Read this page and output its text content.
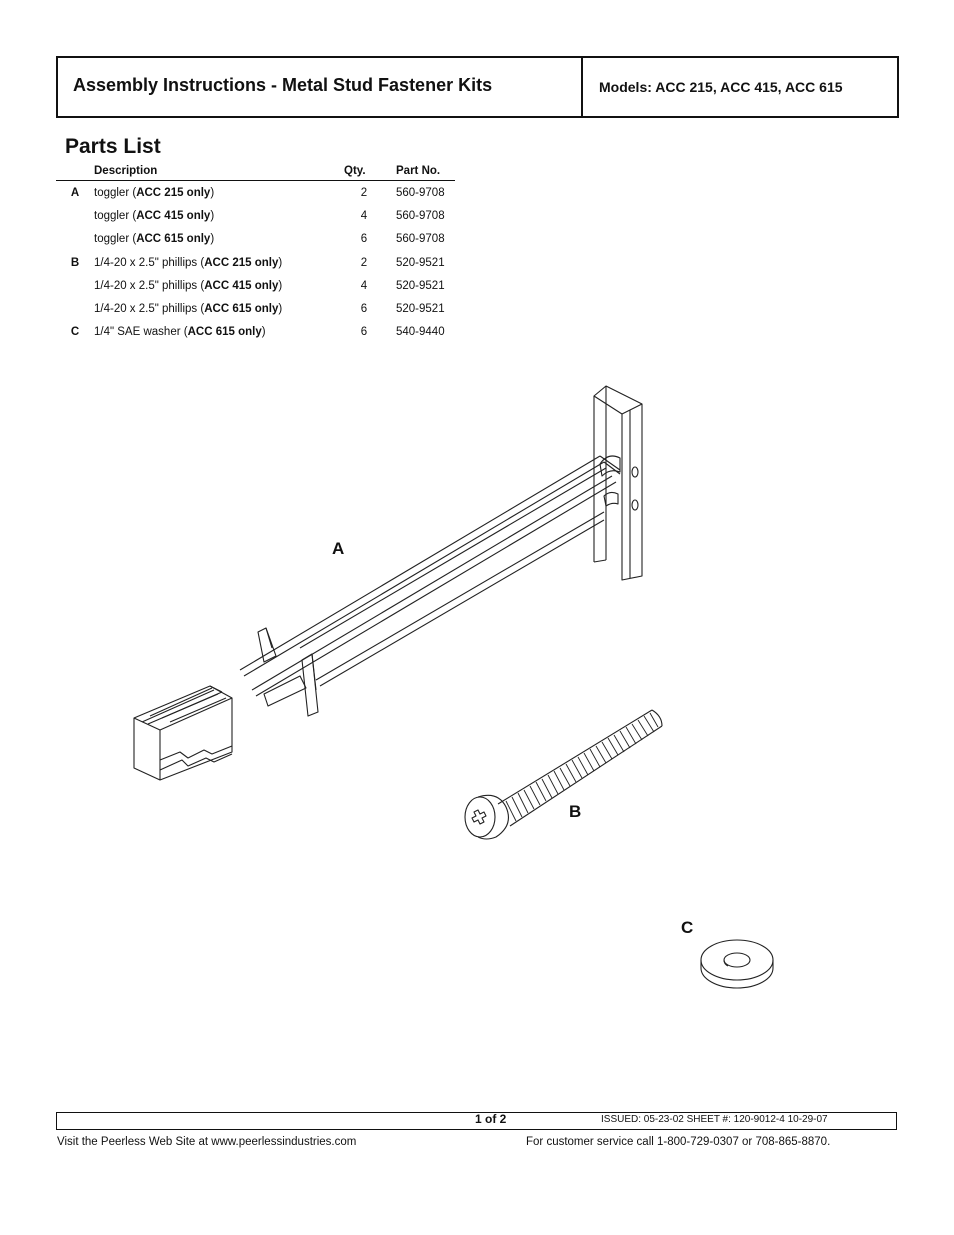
Assembly Instructions - Metal Stud Fastener Kits	Models: ACC 215, ACC 415, ACC 615
Parts List
	Description	Qty.	Part No.
A	toggler (ACC 215 only)	2	560-9708
	toggler (ACC 415 only)	4	560-9708
	toggler (ACC 615 only)	6	560-9708
B	1/4-20 x 2.5" phillips (ACC 215 only)	2	520-9521
	1/4-20 x 2.5" phillips (ACC 415 only)	4	520-9521
	1/4-20 x 2.5" phillips (ACC 615 only)	6	520-9521
C	1/4" SAE washer (ACC 615 only)	6	540-9440
A
B
C
1 of 2	ISSUED: 05-23-02 SHEET #: 120-9012-4 10-29-07
Visit the Peerless Web Site at www.peerlessindustries.com	For customer service call 1-800-729-0307 or 708-865-8870.
